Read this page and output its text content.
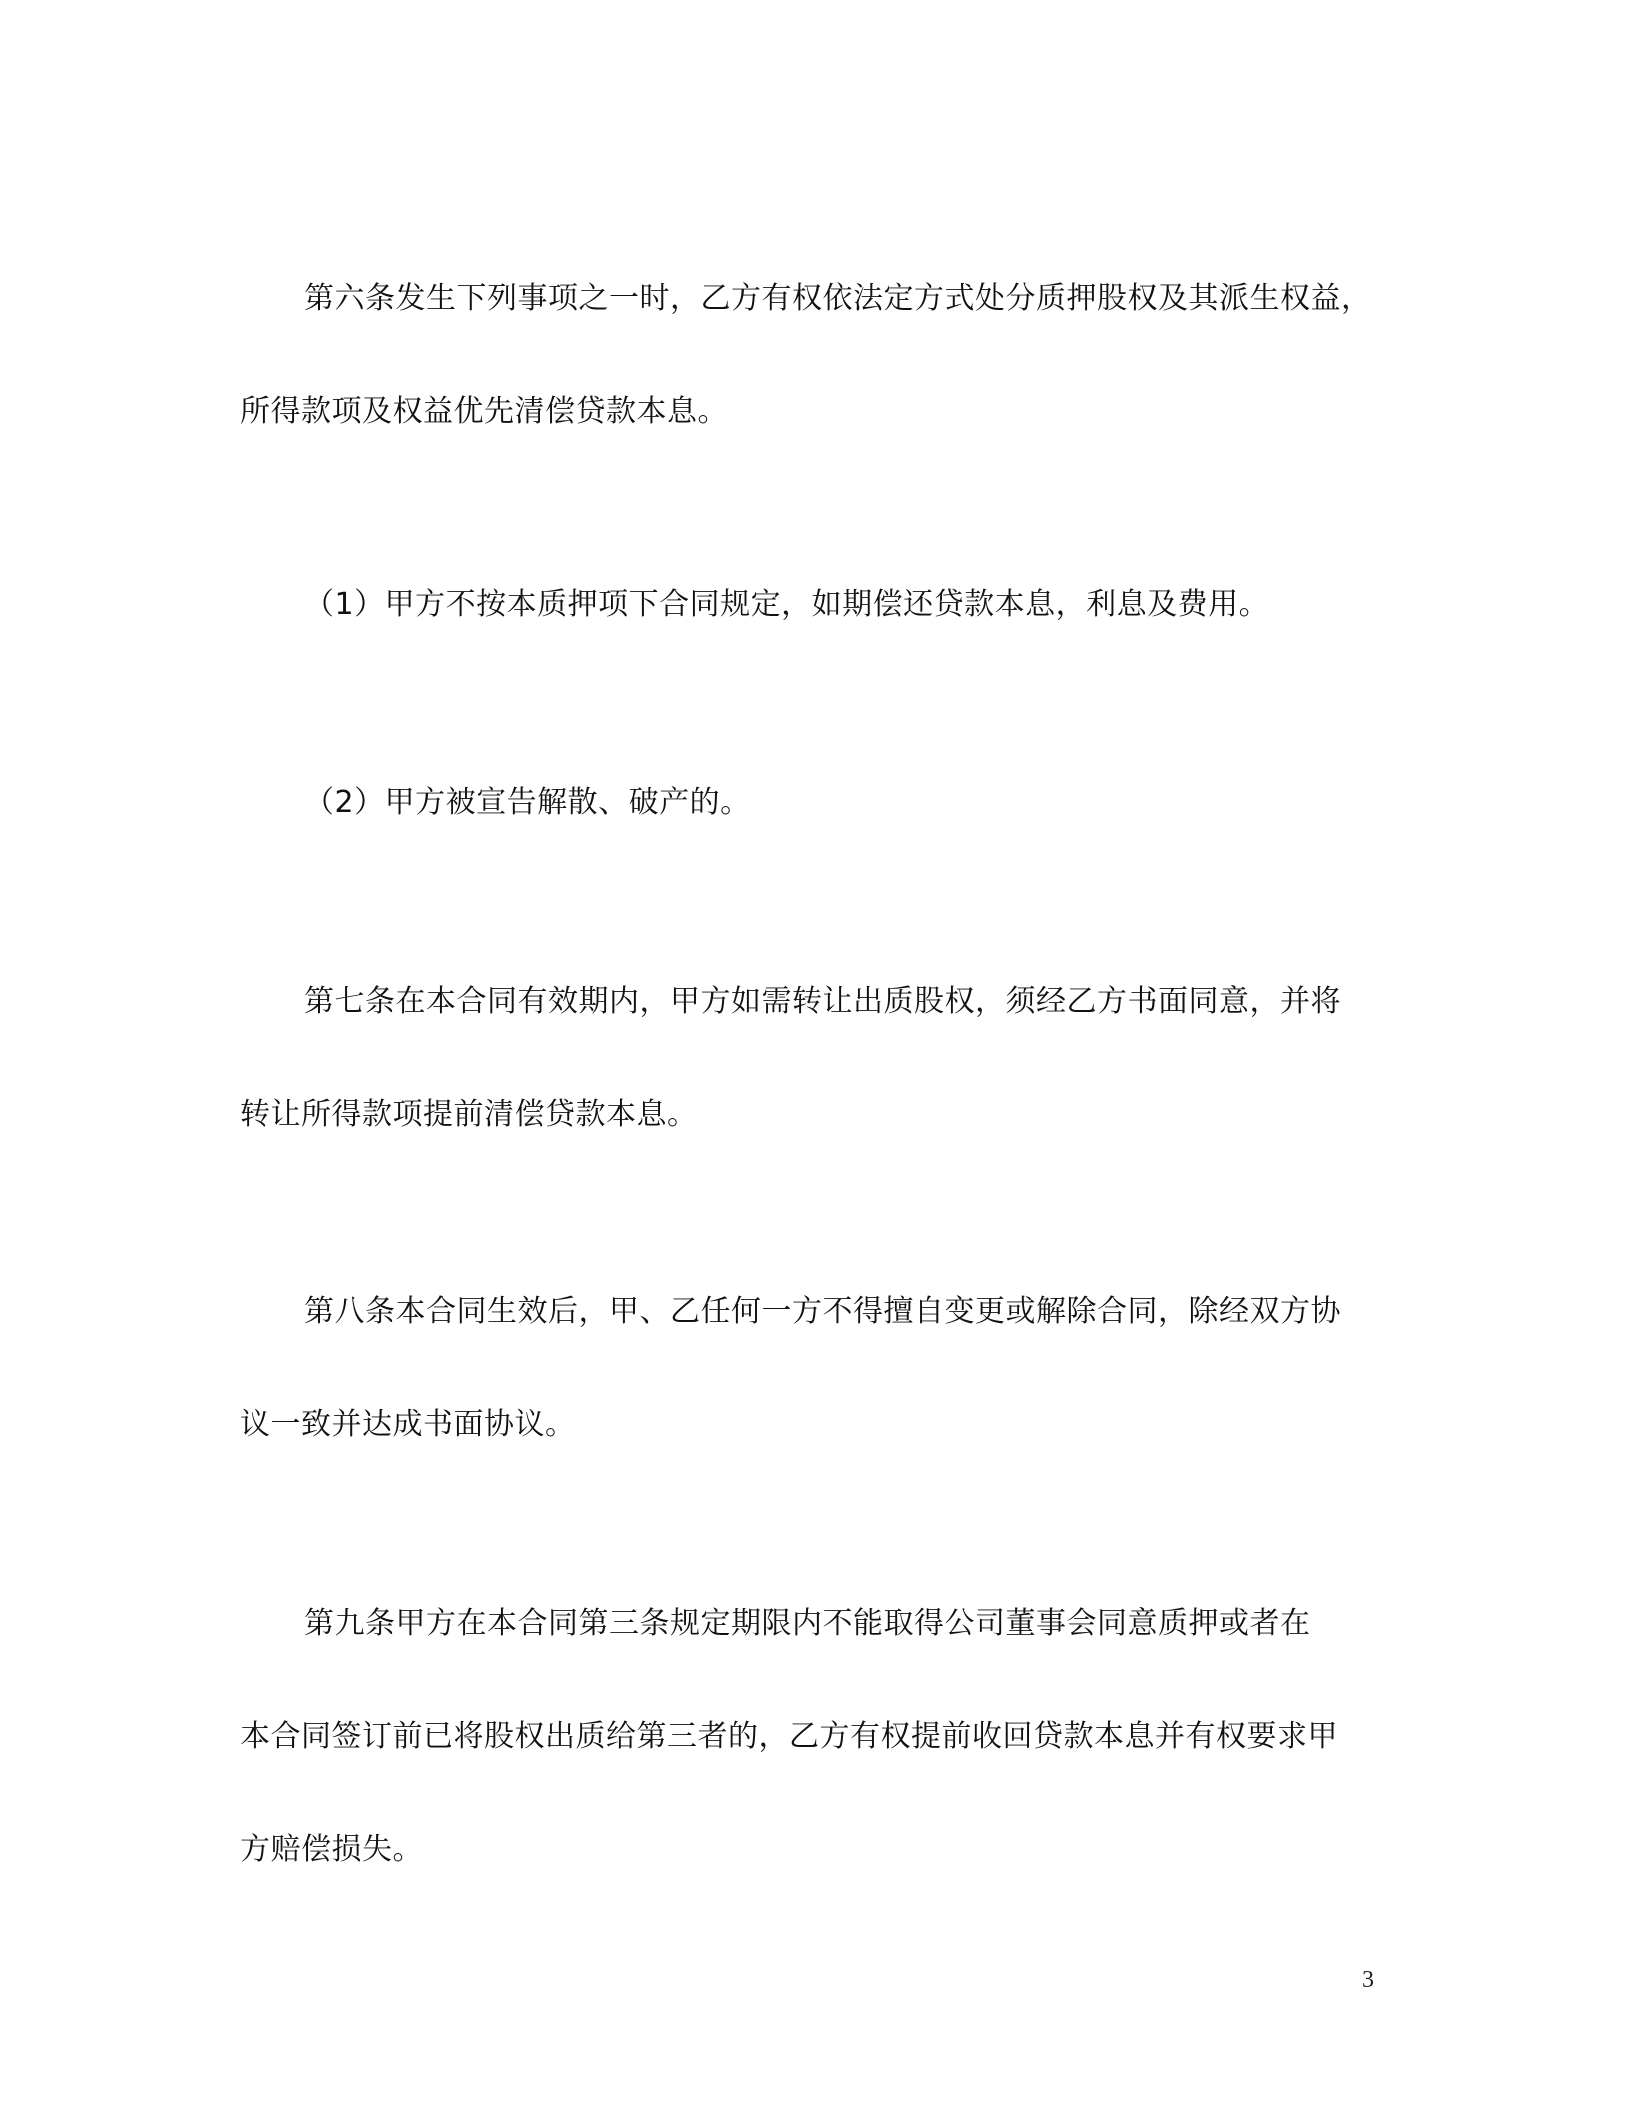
第六条发生下列事项之一时，乙方有权依法定方式处分质押股权及其派生权益，
所得款项及权益优先清偿贷款本息。
（1）甲方不按本质押项下合同规定，如期偿还贷款本息，利息及费用。
（2）甲方被宣告解散、破产的。
第七条在本合同有效期内，甲方如需转让出质股权，须经乙方书面同意，并将
转让所得款项提前清偿贷款本息。
第八条本合同生效后，甲、乙任何一方不得擅自变更或解除合同，除经双方协
议一致并达成书面协议。
第九条甲方在本合同第三条规定期限内不能取得公司董事会同意质押或者在
本合同签订前已将股权出质给第三者的，乙方有权提前收回贷款本息并有权要求甲
方赔偿损失。
3
